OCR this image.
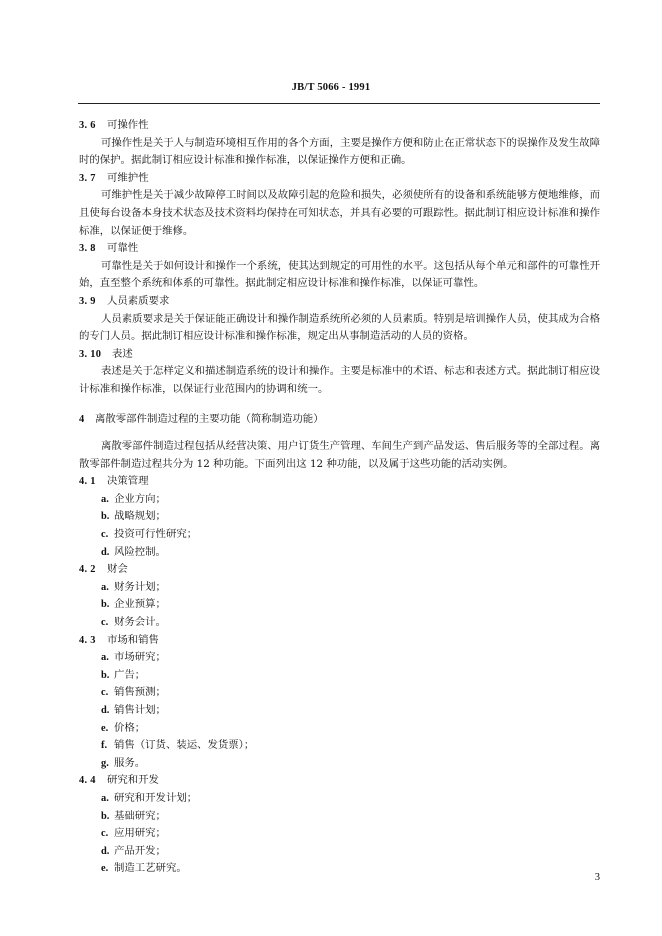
JB/T 5066 - 1991

3. 6 可操作性

可操作性是关于人与制造环境相互作用的各个方面，主要是操作方便和防止在正常状态下的误操作及发生故障时的保护。据此制订相应设计标准和操作标准，以保证操作方便和正确。

3. 7 可维护性

可维护性是关于减少故障停工时间以及故障引起的危险和损失，必须使所有的设备和系统能够方便地维修，而且使每台设备本身技术状态及技术资料均保持在可知状态，并具有必要的可跟踪性。据此制订相应设计标准和操作标准，以保证便于维修。

3. 8 可靠性

可靠性是关于如何设计和操作一个系统，使其达到规定的可用性的水平。这包括从每个单元和部件的可靠性开始，直至整个系统和体系的可靠性。据此制定相应设计标准和操作标准，以保证可靠性。

3. 9 人员素质要求

人员素质要求是关于保证能正确设计和操作制造系统所必须的人员素质。特别是培训操作人员，使其成为合格的专门人员。据此制订相应设计标准和操作标准，规定出从事制造活动的人员的资格。

3. 10 表述

表述是关于怎样定义和描述制造系统的设计和操作。主要是标准中的术语、标志和表述方式。据此制订相应设计标准和操作标准，以保证行业范围内的协调和统一。

4 离散零部件制造过程的主要功能（简称制造功能）

离散零部件制造过程包括从经营决策、用户订货生产管理、车间生产到产品发运、售后服务等的全部过程。离散零部件制造过程共分为 12 种功能。下面列出这 12 种功能，以及属于这些功能的活动实例。

4. 1 决策管理

a. 企业方向；

b. 战略规划；

c. 投资可行性研究；

d. 风险控制。

4. 2 财会

a. 财务计划；

b. 企业预算；

c. 财务会计。

4. 3 市场和销售

a. 市场研究；

b. 广告；

c. 销售预测；

d. 销售计划；

e. 价格；

f. 销售（订货、装运、发货票）；

g. 服务。

4. 4 研究和开发

a. 研究和开发计划；

b. 基础研究；

c. 应用研究；

d. 产品开发；

e. 制造工艺研究。

3
